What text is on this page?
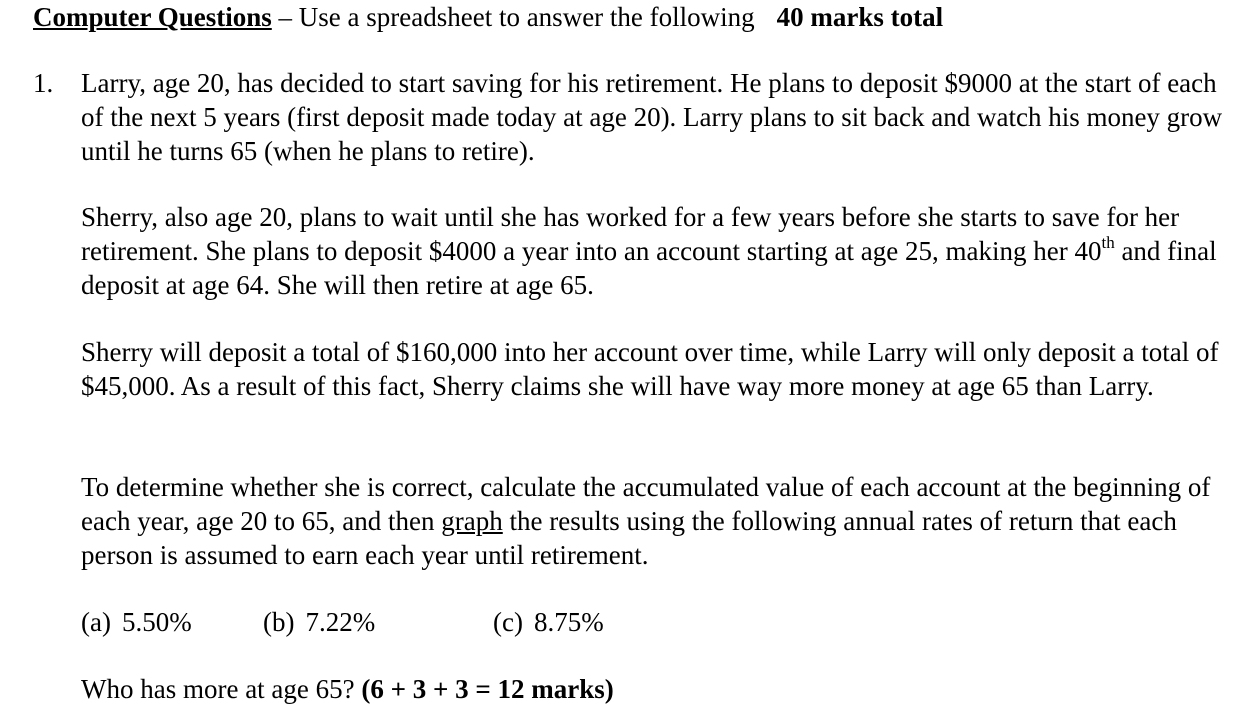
Computer Questions – Use a spreadsheet to answer the following 40 marks total
1. Larry, age 20, has decided to start saving for his retirement. He plans to deposit $9000 at the start of each of the next 5 years (first deposit made today at age 20). Larry plans to sit back and watch his money grow until he turns 65 (when he plans to retire).

Sherry, also age 20, plans to wait until she has worked for a few years before she starts to save for her retirement. She plans to deposit $4000 a year into an account starting at age 25, making her 40th and final deposit at age 64. She will then retire at age 65.

Sherry will deposit a total of $160,000 into her account over time, while Larry will only deposit a total of $45,000. As a result of this fact, Sherry claims she will have way more money at age 65 than Larry.

To determine whether she is correct, calculate the accumulated value of each account at the beginning of each year, age 20 to 65, and then graph the results using the following annual rates of return that each person is assumed to earn each year until retirement.

(a) 5.50%	(b) 7.22%	(c) 8.75%
Who has more at age 65? (6 + 3 + 3 = 12 marks)
